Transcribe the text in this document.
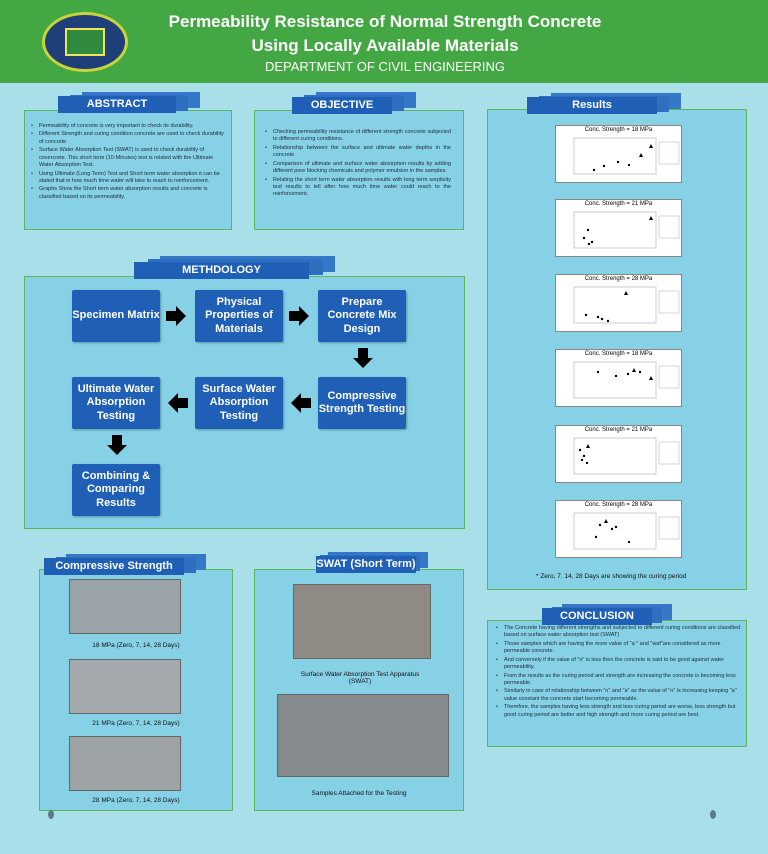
Permeability Resistance of Normal Strength Concrete
Using Locally Available Materials
DEPARTMENT OF CIVIL ENGINEERING
• Permeability of concrete is very important to check its durability.
• Different Strength and curing condition concrete are used to check durability of concrete
• Surface Water Absorption Test (SWAT) is used to check durability of covercrete. This short term (10-Minutes) test is related with the Ultimate Water Absorption Test.
• Using Ultimate (Long Term) Test and Short term water absorption it can be stated that in how much time water will take to reach to reinforcement.
• Graphs Show the Short term water absorption results and concrete is classified based on its permeability.
ABSTRACT
• Checking permeability resistance of different strength concrete subjected to different curing conditions.
• Relationship between the surface and ultimate water depths in the concrete
• Comparison of ultimate and surface water absorption results by adding different pore blocking chemicals and polymer emulsion in the samples.
• Relating the short term water absorption results with long term sorptivity test results to tell after how much time water could reach to the reinforcement.
OBJECTIVE
METHDOLOGY
Specimen Matrix
Physical Properties of Materials
Prepare Concrete Mix Design
Compressive Strength Testing
Surface Water Absorption Testing
Ultimate Water Absorption Testing
Combining & Comparing Results
18 MPa (Zero, 7, 14, 28 Days)
21 MPa (Zero, 7, 14, 28 Days)
28 MPa (Zero, 7, 14, 28 Days)
Compressive Strength
Surface Water Absorption Test Apparatus (SWAT)
Samples Attached for the Testing
SWAT (Short Term)
Results
Conc. Strength = 18 MPa
Conc. Strength = 21 MPa
Conc. Strength = 28 MPa
Conc. Strength = 18 MPa
Conc. Strength = 21 MPa
Conc. Strength = 28 MPa
* Zero, 7. 14, 28 Days are showing the curing period
• The Concrete having different strengths and subjected to different curing conditions are classified based on surface water absorption test (SWAT)
• Those samples which are having the more value of "a " and "waf"are considered as more permeable concrete.
• And conversely if the value of "n" is less then the concrete is said to be good against water permeability.
• From the results as the curing period and strength are increasing the concrete is becoming less permeable.
• Similarly in case of relationship between "n" and "a" as the value of "n" is increasing keeping "a" value constant the concrete start becoming permeable.
• Therefore, the samples having less strength and less curing period are worse, less strength but good curing period are better and high strength and more curing period are best.
CONCLUSION
